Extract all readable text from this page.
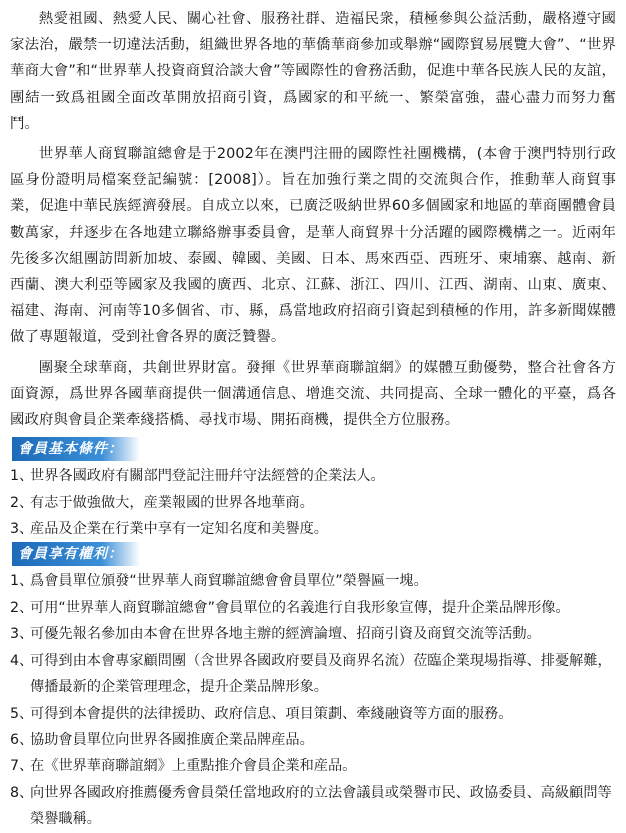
熱愛祖國、熱愛人民、關心社會、服務社群、造福民衆，積極參與公益活動，嚴格遵守國家法治，嚴禁一切違法活動，組織世界各地的華僑華商參加或舉辦“國際貿易展覽大會”、“世界華商大會”和“世界華人投資商貿洽談大會”等國際性的會務活動，促進中華各民族人民的友誼，團結一致爲祖國全面改革開放招商引資，爲國家的和平統一、繁榮富強，盡心盡力而努力奮鬥。

世界華人商貿聯誼總會是于2002年在澳門注冊的國際性社團機構，(本會于澳門特別行政區身份證明局檔案登記編號：[2008]）。旨在加強行業之間的交流與合作，推動華人商貿事業，促進中華民族經濟發展。自成立以來，已廣泛吸納世界60多個國家和地區的華商團體會員數萬家，幷逐步在各地建立聯絡辦事委員會，是華人商貿界十分活躍的國際機構之一。近兩年先後多次組團訪問新加坡、泰國、韓國、美國、日本、馬來西亞、西班牙、柬埔寨、越南、新西蘭、澳大利亞等國家及我國的廣西、北京、江蘇、浙江、四川、江西、湖南、山東、廣東、福建、海南、河南等10多個省、市、縣，爲當地政府招商引資起到積極的作用，許多新聞媒體做了專題報道，受到社會各界的廣泛贊譽。

團聚全球華商，共創世界財富。發揮《世界華商聯誼網》的媒體互動優勢，整合社會各方面資源，爲世界各國華商提供一個溝通信息、增進交流、共同提高、全球一體化的平臺，爲各國政府與會員企業牽綫搭橋、尋找市場、開拓商機，提供全方位服務。

會員基本條件：
1、世界各國政府有關部門登記注冊幷守法經營的企業法人。
2、有志于做強做大，産業報國的世界各地華商。
3、産品及企業在行業中享有一定知名度和美譽度。
會員享有權利：
1、爲會員單位頒發“世界華人商貿聯誼總會會員單位”榮譽匾一塊。
2、可用“世界華人商貿聯誼總會”會員單位的名義進行自我形象宣傳，提升企業品牌形像。
3、可優先報名參加由本會在世界各地主辦的經濟論壇、招商引資及商貿交流等活動。
4、可得到由本會專家顧問團（含世界各國政府要員及商界名流）莅臨企業現場指導、排憂解難，傳播最新的企業管理理念，提升企業品牌形象。
5、可得到本會提供的法律援助、政府信息、項目策劃、牽綫融資等方面的服務。
6、協助會員單位向世界各國推廣企業品牌産品。
7、在《世界華商聯誼網》上重點推介會員企業和産品。
8、向世界各國政府推薦優秀會員榮任當地政府的立法會議員或榮譽市民、政協委員、高級顧問等榮譽職稱。
